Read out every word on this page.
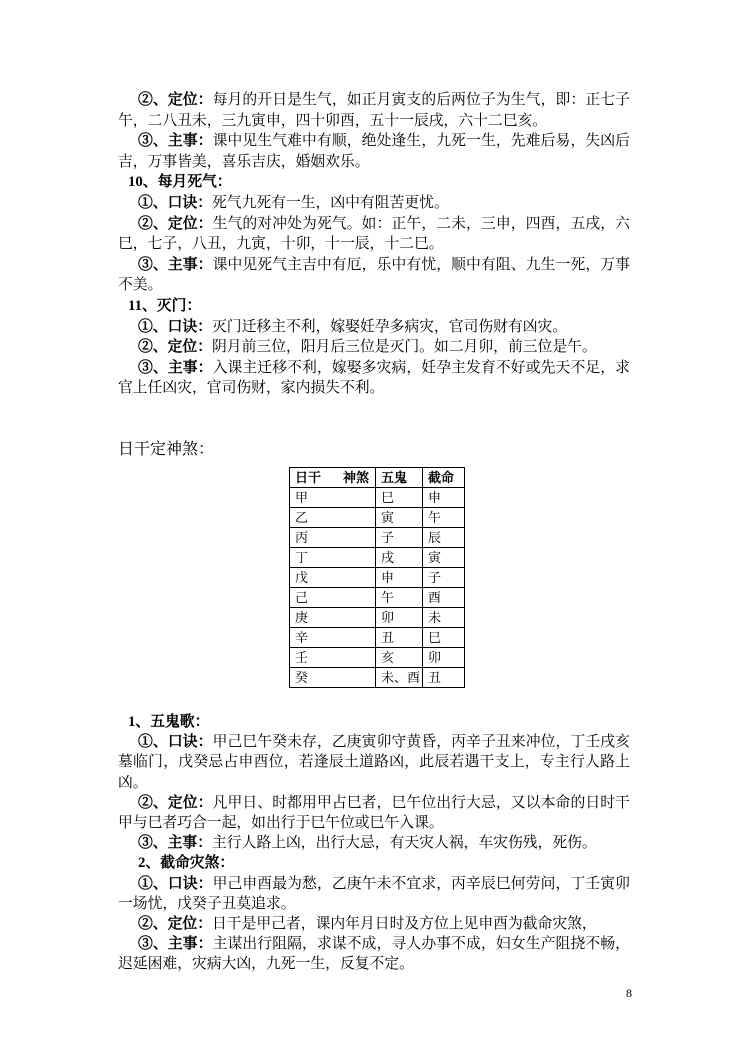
②、定位：每月的开日是生气，如正月寅支的后两位子为生气，即：正七子午，二八丑未，三九寅申，四十卯酉，五十一辰戌，六十二巳亥。

③、主事：课中见生气难中有顺，绝处逢生，九死一生，先难后易，失凶后吉，万事皆美，喜乐吉庆，婚姻欢乐。

10、每月死气：

①、口诀：死气九死有一生，凶中有阻苦更忧。

②、定位：生气的对冲处为死气。如：正午，二未，三申，四酉，五戌，六巳，七子，八丑，九寅，十卯，十一辰，十二巳。

③、主事：课中见死气主吉中有厄，乐中有忧，顺中有阻、九生一死，万事不美。

11、灭门：

①、口诀：灭门迁移主不利，嫁娶妊孕多病灾，官司伤财有凶灾。

②、定位：阴月前三位，阳月后三位是灭门。如二月卯，前三位是午。

③、主事：入课主迁移不利，嫁娶多灾病，妊孕主发育不好或先天不足，求官上任凶灾，官司伤财，家内损失不利。

日干定神煞：
日干 神煞	五鬼	截命
甲	巳	申
乙	寅	午
丙	子	辰
丁	戌	寅
戊	申	子
己	午	酉
庚	卯	未
辛	丑	巳
壬	亥	卯
癸	未、酉	丑

1、五鬼歌：

①、口诀：甲己巳午癸未存，乙庚寅卯守黄昏，丙辛子丑来冲位，丁壬戌亥墓临门，戊癸忌占申酉位，若逢辰土道路凶，此辰若遇干支上，专主行人路上凶。

②、定位：凡甲日、时都用甲占巳者，巳午位出行大忌，又以本命的日时干甲与巳者巧合一起，如出行于巳午位或巳午入课。

③、主事：主行人路上凶，出行大忌，有天灾人祸，车灾伤残，死伤。

2、截命灾煞：

①、口诀：甲己申酉最为愁，乙庚午未不宜求，丙辛辰巳何劳问，丁壬寅卯一场忧，戊癸子丑莫追求。

②、定位：日干是甲己者，课内年月日时及方位上见申酉为截命灾煞，

③、主事：主谋出行阻隔，求谋不成，寻人办事不成，妇女生产阻挠不畅，迟延困难，灾病大凶，九死一生，反复不定。

8
